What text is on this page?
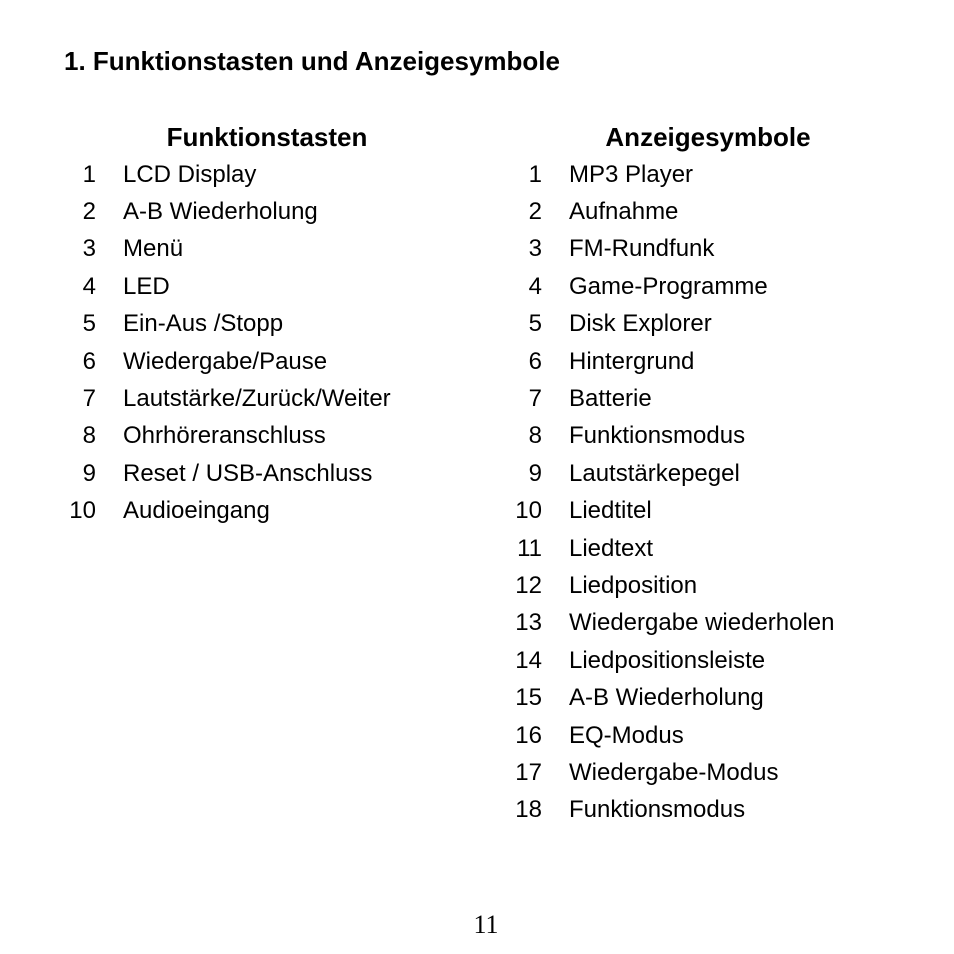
1. Funktionstasten und Anzeigesymbole
Funktionstasten
1 LCD Display
2 A-B Wiederholung
3 Menü
4 LED
5 Ein-Aus /Stopp
6 Wiedergabe/Pause
7 Lautstärke/Zurück/Weiter
8 Ohrhöreranschluss
9 Reset / USB-Anschluss
10 Audioeingang
Anzeigesymbole
1 MP3 Player
2 Aufnahme
3 FM-Rundfunk
4 Game-Programme
5 Disk Explorer
6 Hintergrund
7 Batterie
8 Funktionsmodus
9 Lautstärkepegel
10 Liedtitel
11 Liedtext
12 Liedposition
13 Wiedergabe wiederholen
14 Liedpositionsleiste
15 A-B Wiederholung
16 EQ-Modus
17 Wiedergabe-Modus
18 Funktionsmodus
11
